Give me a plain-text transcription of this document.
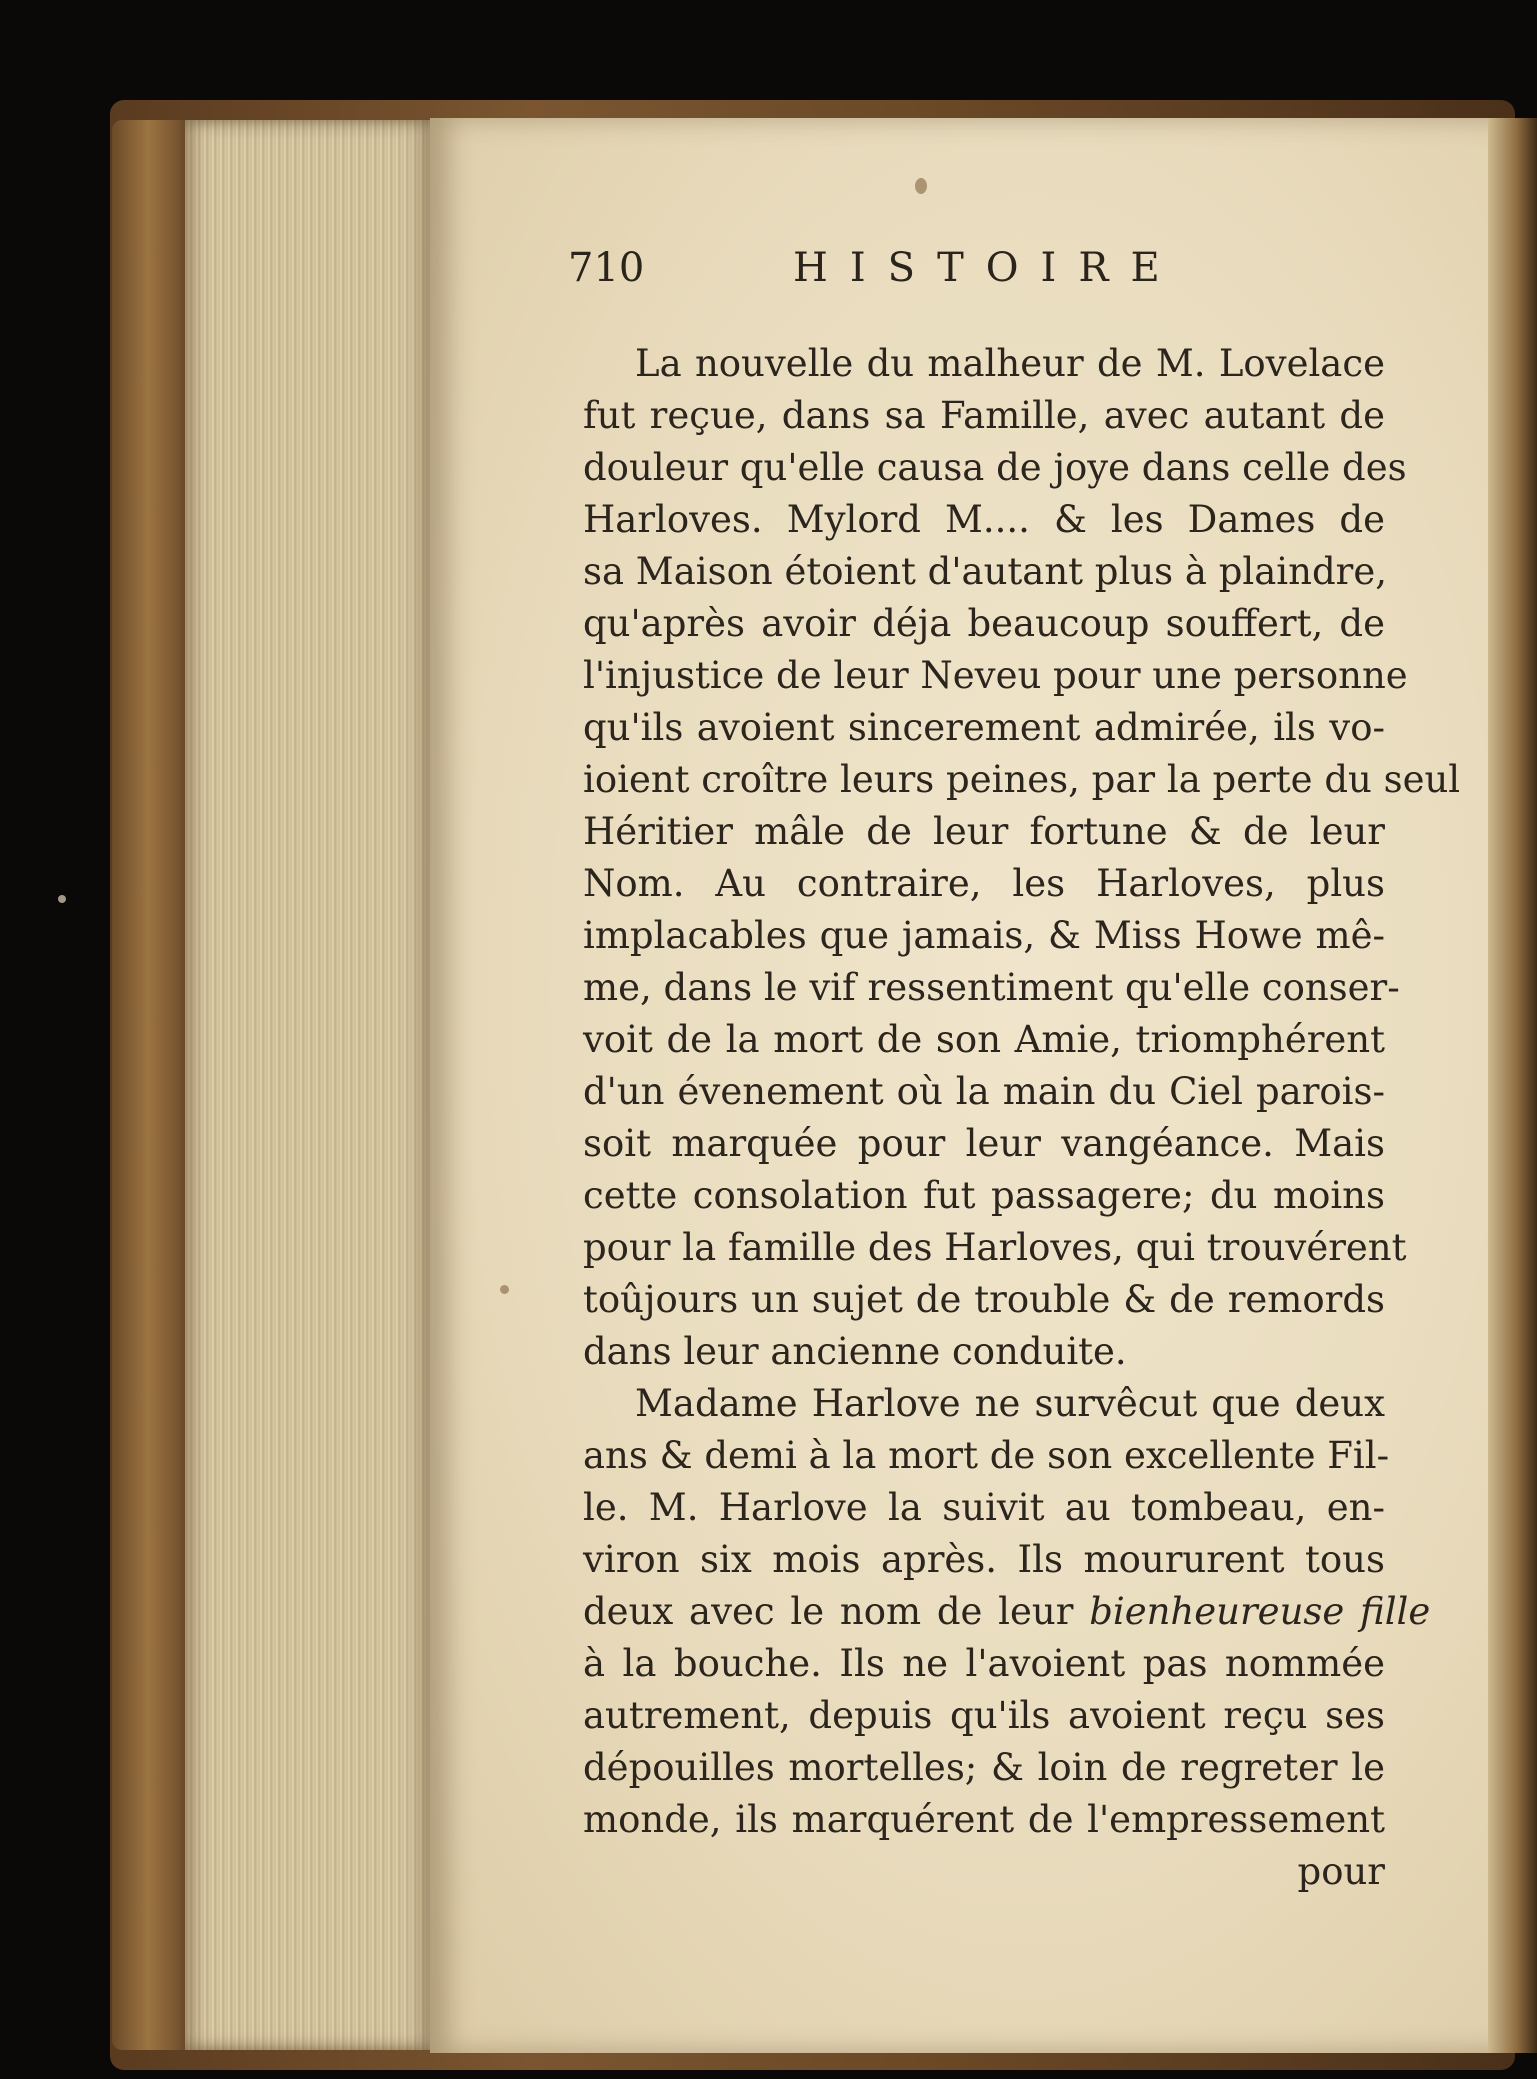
710	HISTOIRE
La nouvelle du malheur de M. Lovelace
fut reçue, dans sa Famille, avec autant de
douleur qu'elle causa de joye dans celle des
Harloves. Mylord M.... & les Dames de
sa Maison étoient d'autant plus à plaindre,
qu'après avoir déja beaucoup souffert, de
l'injustice de leur Neveu pour une personne
qu'ils avoient sincerement admirée, ils vo-
ioient croître leurs peines, par la perte du seul
Héritier mâle de leur fortune & de leur
Nom. Au contraire, les Harloves, plus
implacables que jamais, & Miss Howe mê-
me, dans le vif ressentiment qu'elle conser-
voit de la mort de son Amie, triomphérent
d'un évenement où la main du Ciel parois-
soit marquée pour leur vangéance. Mais
cette consolation fut passagere; du moins
pour la famille des Harloves, qui trouvérent
toûjours un sujet de trouble & de remords
dans leur ancienne conduite.
Madame Harlove ne survêcut que deux
ans & demi à la mort de son excellente Fil-
le. M. Harlove la suivit au tombeau, en-
viron six mois après. Ils moururent tous
deux avec le nom de leur bienheureuse fille
à la bouche. Ils ne l'avoient pas nommée
autrement, depuis qu'ils avoient reçu ses
dépouilles mortelles; & loin de regreter le
monde, ils marquérent de l'empressement
pour
